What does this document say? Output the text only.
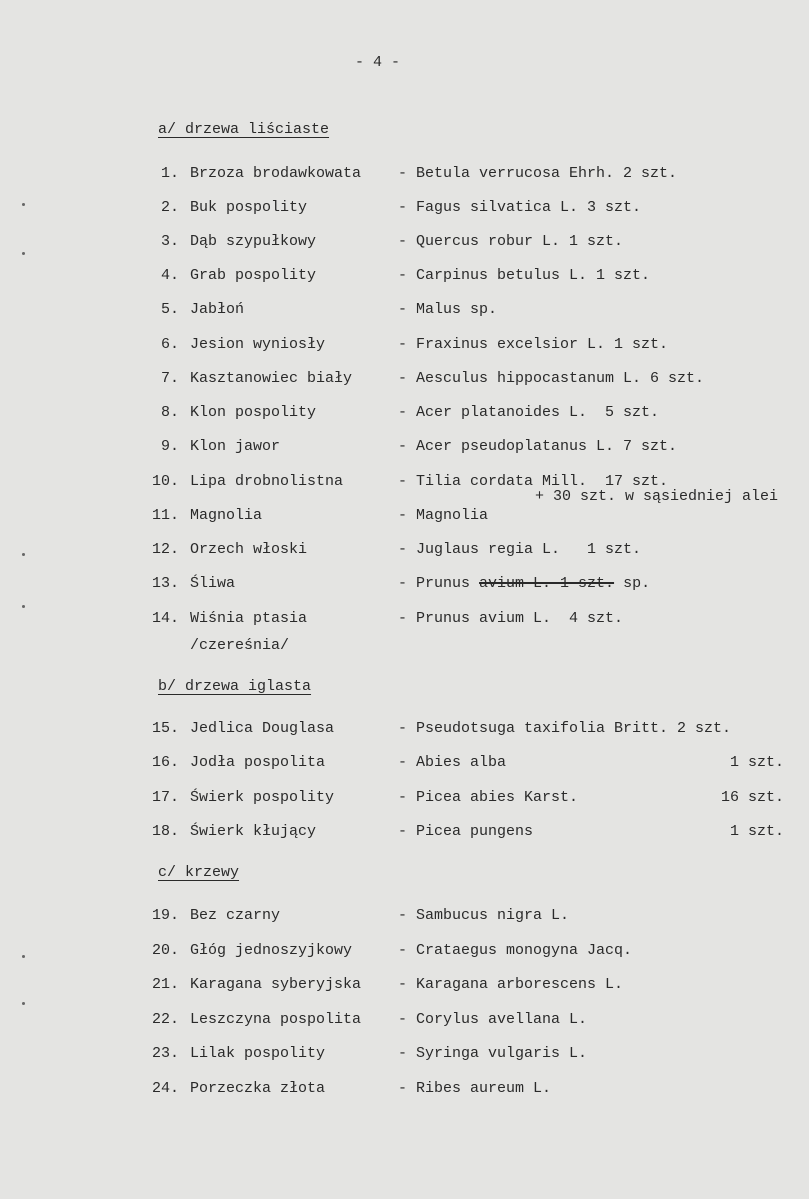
- 4 -
a/ drzewa liściaste
b/ drzewa iglasta
c/ krzewy
1. Brzoza brodawkowata - Betula verrucosa Ehrh. 2 szt.
2. Buk pospolity	- Fagus silvatica L. 3 szt.
3. Dąb szypułkowy	- Quercus robur L. 1 szt.
4. Grab pospolity	- Carpinus betulus L. 1 szt.
5. Jabłoń	- Malus sp.
6. Jesion wyniosły	- Fraxinus excelsior L. 1 szt.
7. Kasztanowiec biały	- Aesculus hippocastanum L. 6 szt.
8. Klon pospolity	- Acer platanoides L.  5 szt.
9. Klon jawor	- Acer pseudoplatanus L. 7 szt.
10. Lipa drobnolistna	- Tilia cordata Mill.  17 szt.
+ 30 szt. w sąsiedniej alei
11. Magnolia	- Magnolia
12. Orzech włoski	- Juglaus regia L.   1 szt.
13. Śliwa	- Prunus avium L. 1 szt. sp.
14. Wiśnia ptasia
/czereśnia/
- Prunus avium L.  4 szt.
15. Jedlica Douglasa	- Pseudotsuga taxifolia Britt. 2 szt.
16. Jodła pospolita	- Abies alba	1 szt.
17. Świerk pospolity	- Picea abies Karst.	16 szt.
18. Świerk kłujący	- Picea pungens	1 szt.
19. Bez czarny	- Sambucus nigra L.
20. Głóg jednoszyjkowy	- Crataegus monogyna Jacq.
21. Karagana syberyjska - Karagana arborescens L.
22. Leszczyna pospolita - Corylus avellana L.
23. Lilak pospolity	- Syringa vulgaris L.
24. Porzeczka złota	- Ribes aureum L.
